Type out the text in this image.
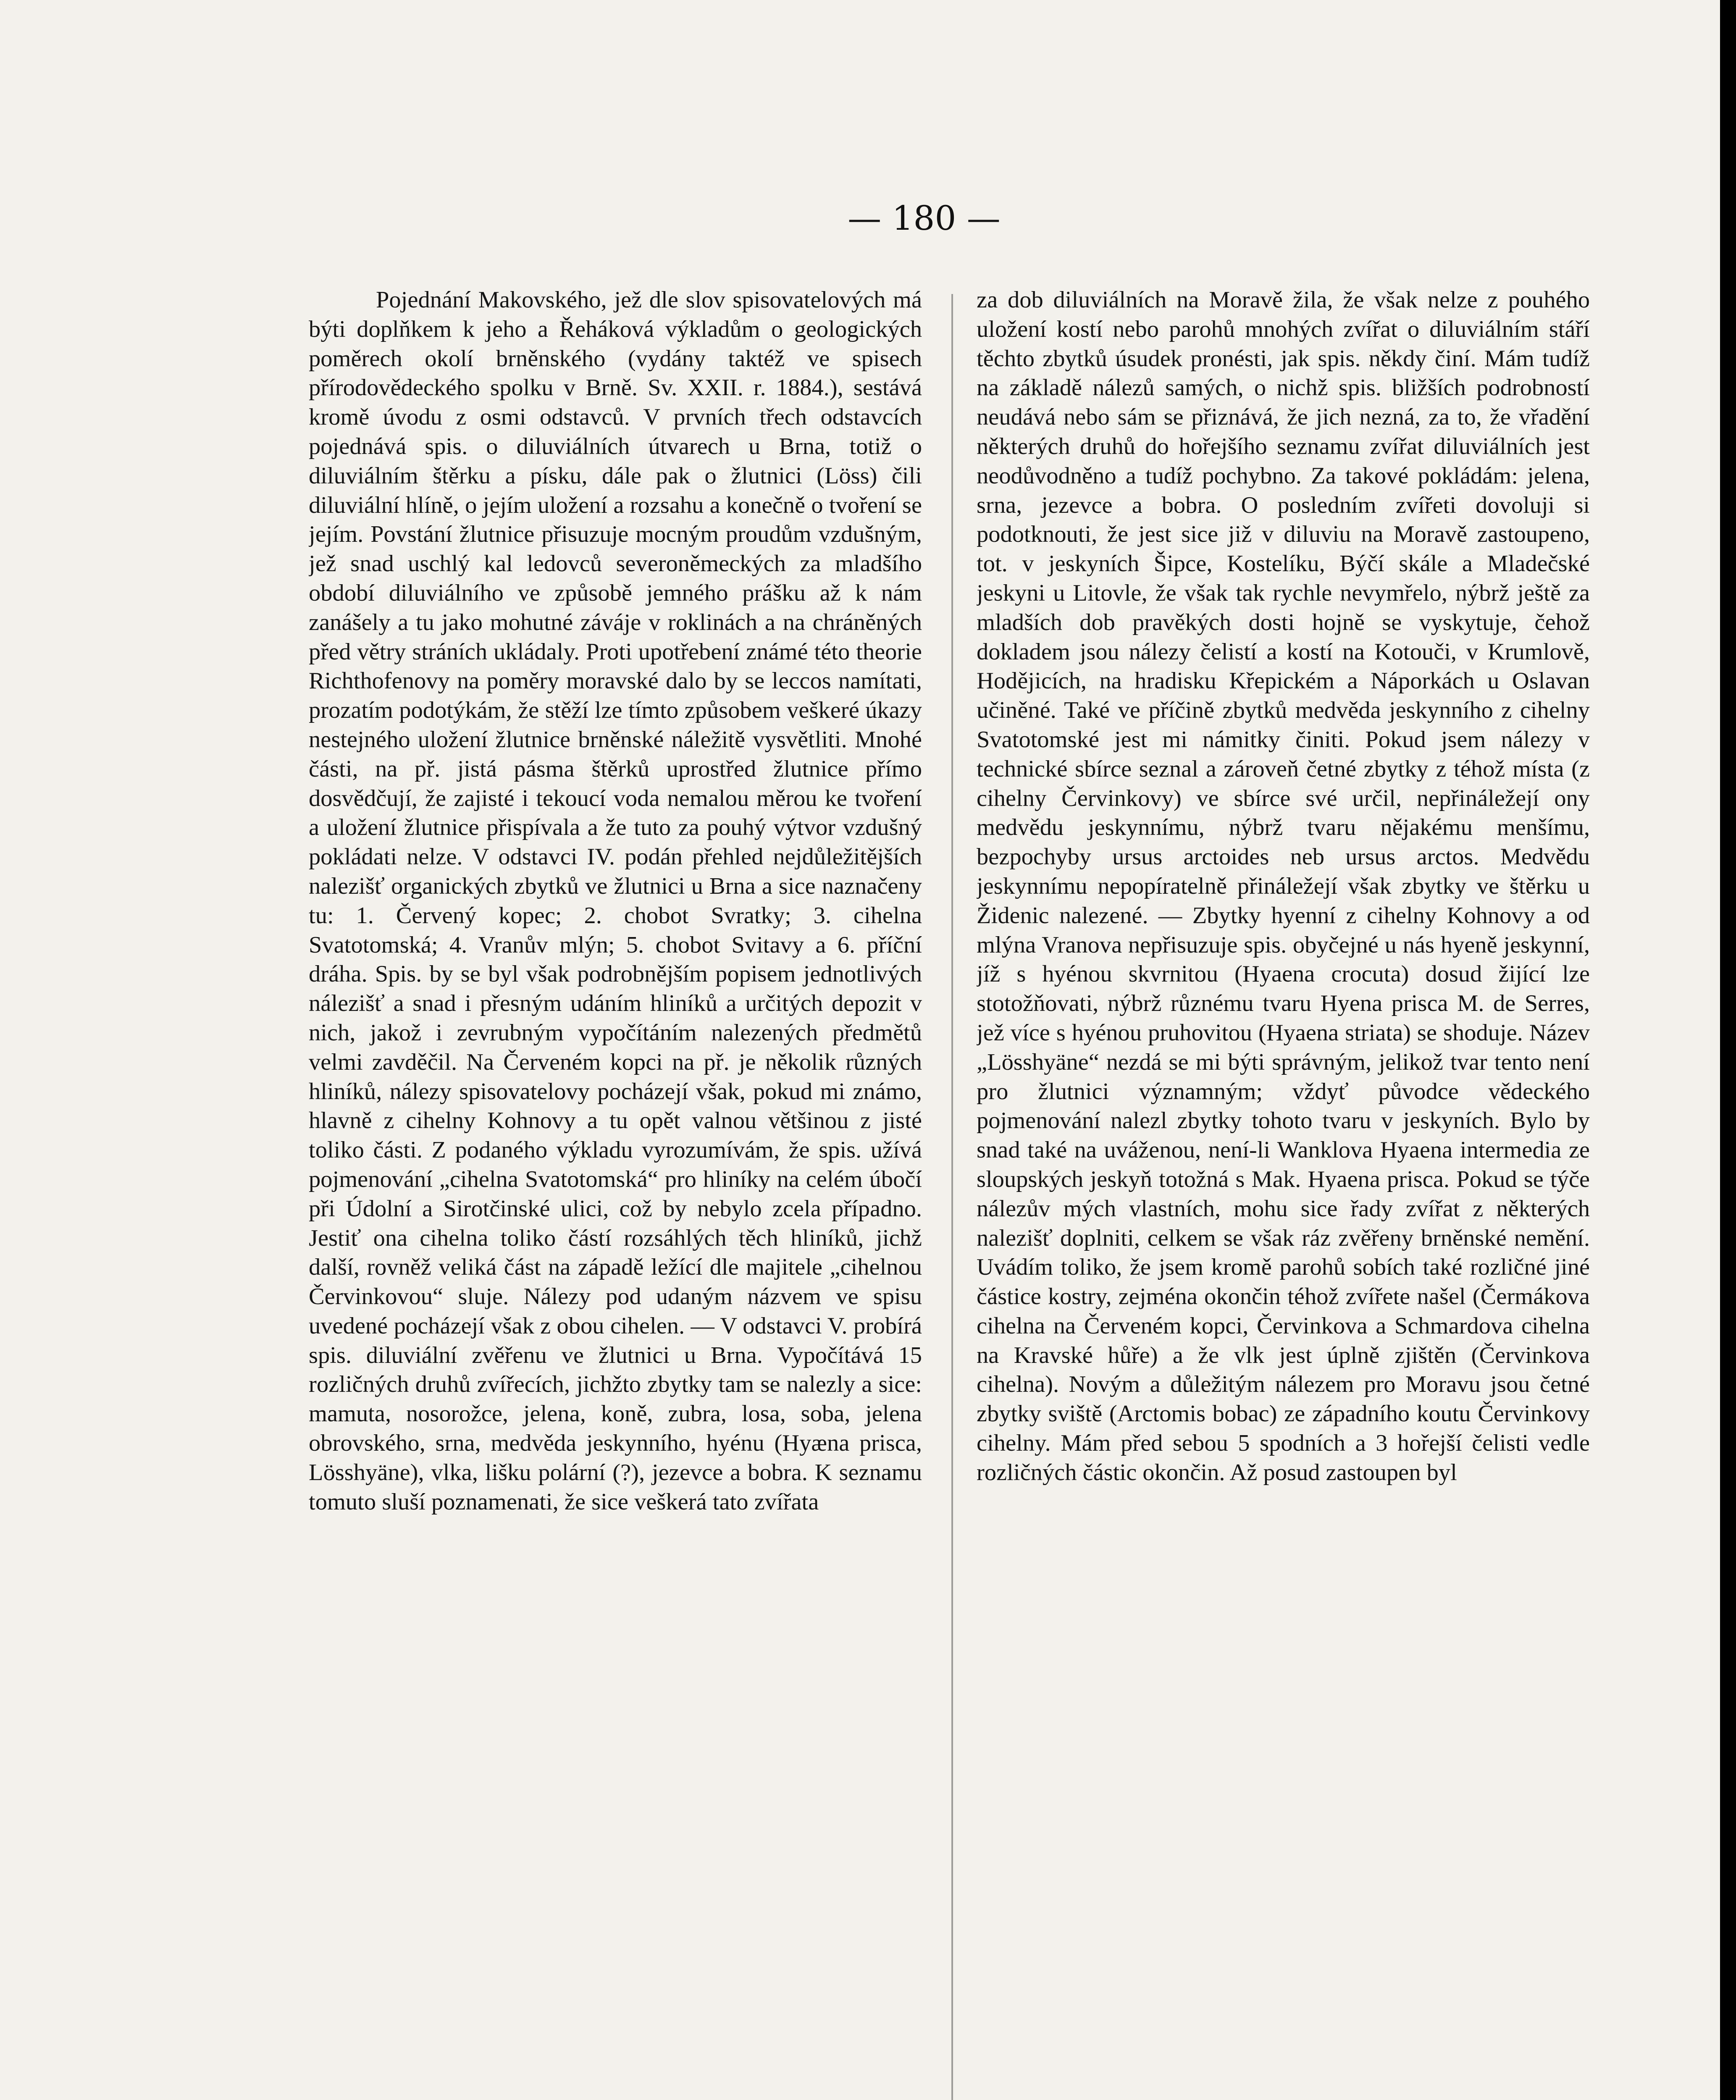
— 180 —

Pojednání Makovského, jež dle slov spisovatelových má býti doplňkem k jeho a Řeháková výkladům o geologických poměrech okolí brněnského (vydány taktéž ve spisech přírodovědeckého spolku v Brně. Sv. XXII. r. 1884.), sestává kromě úvodu z osmi odstavců. V prvních třech odstavcích pojednává spis. o diluviálních útvarech u Brna, totiž o diluviálním štěrku a písku, dále pak o žlutnici (Löss) čili diluviální hlíně, o jejím uložení a rozsahu a konečně o tvoření se jejím. Povstání žlutnice přisuzuje mocným proudům vzdušným, jež snad uschlý kal ledovců severoněmeckých za mladšího období diluviálního ve způsobě jemného prášku až k nám zanášely a tu jako mohutné záváje v roklinách a na chráněných před větry stráních ukládaly. Proti upotřebení známé této theorie Richthofenovy na poměry moravské dalo by se leccos namítati, prozatím podotýkám, že stěží lze tímto způsobem veškeré úkazy nestejného uložení žlutnice brněnské náležitě vysvětliti. Mnohé části, na př. jistá pásma štěrků uprostřed žlutnice přímo dosvědčují, že zajisté i tekoucí voda nemalou měrou ke tvoření a uložení žlutnice přispívala a že tuto za pouhý výtvor vzdušný pokládati nelze. V odstavci IV. podán přehled nejdůležitějších nalezišť organických zbytků ve žlutnici u Brna a sice naznačeny tu: 1. Červený kopec; 2. chobot Svratky; 3. cihelna Svatotomská; 4. Vranův mlýn; 5. chobot Svitavy a 6. příční dráha. Spis. by se byl však podrobnějším popisem jednotlivých nálezišť a snad i přesným udáním hliníků a určitých depozit v nich, jakož i zevrubným vypočítáním nalezených předmětů velmi zavděčil. Na Červeném kopci na př. je několik různých hliníků, nálezy spisovatelovy pocházejí však, pokud mi známo, hlavně z cihelny Kohnovy a tu opět valnou většinou z jisté toliko části. Z podaného výkladu vyrozumívám, že spis. užívá pojmenování „cihelna Svatotomská“ pro hliníky na celém úbočí při Údolní a Sirotčinské ulici, což by nebylo zcela případno. Jestiť ona cihelna toliko částí rozsáhlých těch hliníků, jichž další, rovněž veliká část na západě ležící dle majitele „cihelnou Červinkovou“ sluje. Nálezy pod udaným názvem ve spisu uvedené pocházejí však z obou cihelen. — V odstavci V. probírá spis. diluviální zvěřenu ve žlutnici u Brna. Vypočítává 15 rozličných druhů zvířecích, jichžto zbytky tam se nalezly a sice: mamuta, nosorožce, jelena, koně, zubra, losa, soba, jelena obrovského, srna, medvěda jeskynního, hyénu (Hyæna prisca, Lösshyäne), vlka, lišku polární (?), jezevce a bobra. K seznamu tomuto sluší poznamenati, že sice veškerá tato zvířata

za dob diluviálních na Moravě žila, že však nelze z pouhého uložení kostí nebo parohů mnohých zvířat o diluviálním stáří těchto zbytků úsudek pronésti, jak spis. někdy činí. Mám tudíž na základě nálezů samých, o nichž spis. bližších podrobností neudává nebo sám se přiznává, že jich nezná, za to, že vřadění některých druhů do hořejšího seznamu zvířat diluviálních jest neodůvodněno a tudíž pochybno. Za takové pokládám: jelena, srna, jezevce a bobra. O posledním zvířeti dovoluji si podotknouti, že jest sice již v diluviu na Moravě zastoupeno, tot. v jeskyních Šipce, Kostelíku, Býčí skále a Mladečské jeskyni u Litovle, že však tak rychle nevymřelo, nýbrž ještě za mladších dob pravěkých dosti hojně se vyskytuje, čehož dokladem jsou nálezy čelistí a kostí na Kotouči, v Krumlově, Hodějicích, na hradisku Křepickém a Náporkách u Oslavan učiněné. Také ve příčině zbytků medvěda jeskynního z cihelny Svatotomské jest mi námitky činiti. Pokud jsem nálezy v technické sbírce seznal a zároveň četné zbytky z téhož místa (z cihelny Červinkovy) ve sbírce své určil, nepřináležejí ony medvědu jeskynnímu, nýbrž tvaru nějakému menšímu, bezpochyby ursus arctoides neb ursus arctos. Medvědu jeskynnímu nepopíratelně přináležejí však zbytky ve štěrku u Židenic nalezené. — Zbytky hyenní z cihelny Kohnovy a od mlýna Vranova nepřisuzuje spis. obyčejné u nás hyeně jeskynní, jíž s hyénou skvrnitou (Hyaena crocuta) dosud žijící lze stotožňovati, nýbrž různému tvaru Hyena prisca M. de Serres, jež více s hyénou pruhovitou (Hyaena striata) se shoduje. Název „Lösshyäne“ nezdá se mi býti správným, jelikož tvar tento není pro žlutnici významným; vždyť původce vědeckého pojmenování nalezl zbytky tohoto tvaru v jeskyních. Bylo by snad také na uváženou, není-li Wanklova Hyaena intermedia ze sloupských jeskyň totožná s Mak. Hyaena prisca. Pokud se týče nálezův mých vlastních, mohu sice řady zvířat z některých nalezišť doplniti, celkem se však ráz zvěřeny brněnské nemění. Uvádím toliko, že jsem kromě parohů sobích také rozličné jiné částice kostry, zejména okončin téhož zvířete našel (Čermákova cihelna na Červeném kopci, Červinkova a Schmardova cihelna na Kravské hůře) a že vlk jest úplně zjištěn (Červinkova cihelna). Novým a důležitým nálezem pro Moravu jsou četné zbytky sviště (Arctomis bobac) ze západního koutu Červinkovy cihelny. Mám před sebou 5 spodních a 3 hořejší čelisti vedle rozličných částic okončin. Až posud zastoupen byl
